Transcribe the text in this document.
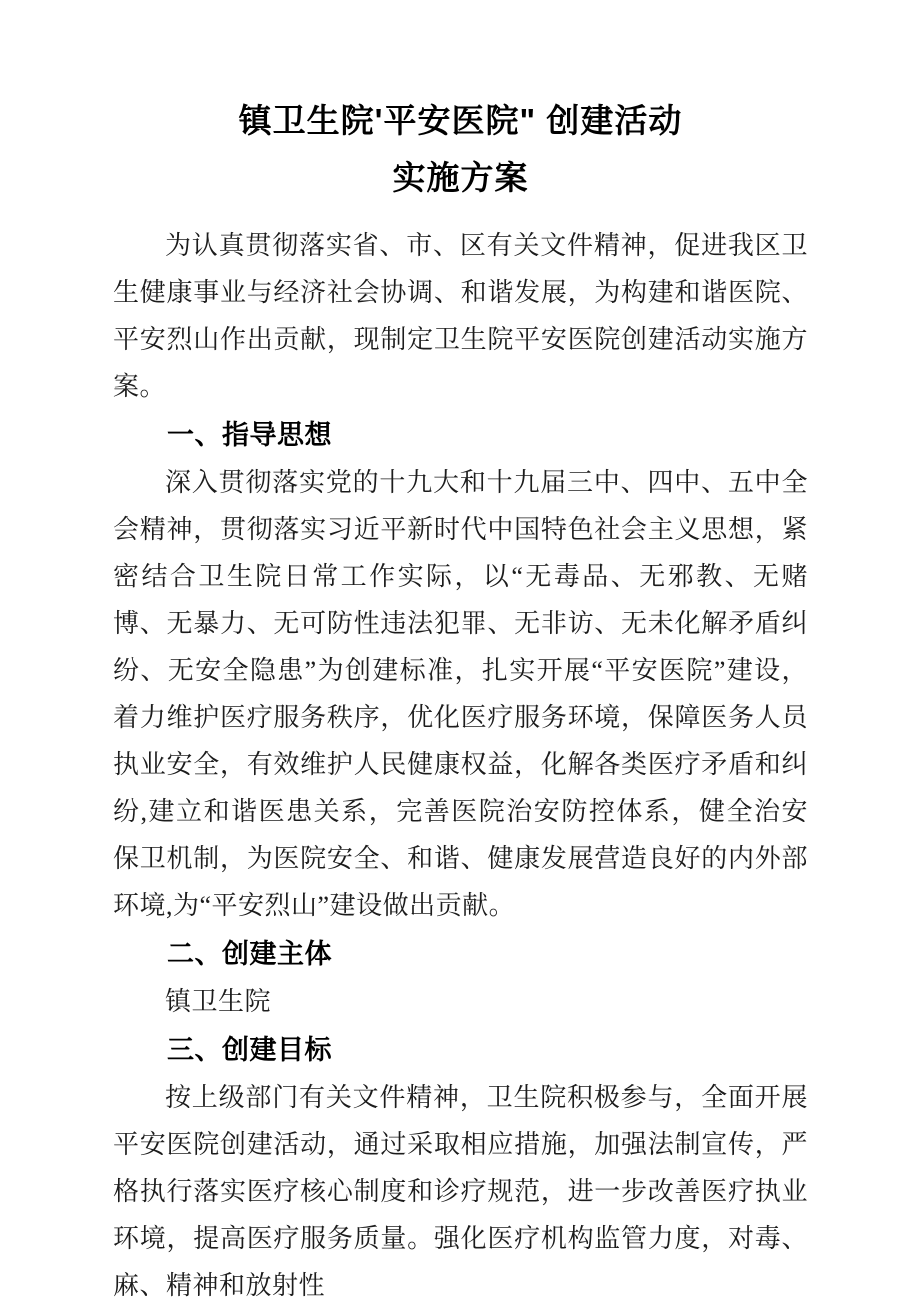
镇卫生院'平安医院" 创建活动
实施方案

为认真贯彻落实省、市、区有关文件精神，促进我区卫生健康事业与经济社会协调、和谐发展，为构建和谐医院、平安烈山作出贡献，现制定卫生院平安医院创建活动实施方案。

一、指导思想

深入贯彻落实党的十九大和十九届三中、四中、五中全会精神，贯彻落实习近平新时代中国特色社会主义思想，紧密结合卫生院日常工作实际，以“无毒品、无邪教、无赌博、无暴力、无可防性违法犯罪、无非访、无未化解矛盾纠纷、无安全隐患”为创建标准，扎实开展“平安医院”建设，着力维护医疗服务秩序，优化医疗服务环境，保障医务人员执业安全，有效维护人民健康权益，化解各类医疗矛盾和纠纷,建立和谐医患关系，完善医院治安防控体系，健全治安保卫机制，为医院安全、和谐、健康发展营造良好的内外部环境,为“平安烈山”建设做出贡献。

二、创建主体

镇卫生院

三、创建目标

按上级部门有关文件精神，卫生院积极参与，全面开展平安医院创建活动，通过采取相应措施，加强法制宣传，严格执行落实医疗核心制度和诊疗规范，进一步改善医疗执业环境，提高医疗服务质量。强化医疗机构监管力度，对毒、麻、精神和放射性
